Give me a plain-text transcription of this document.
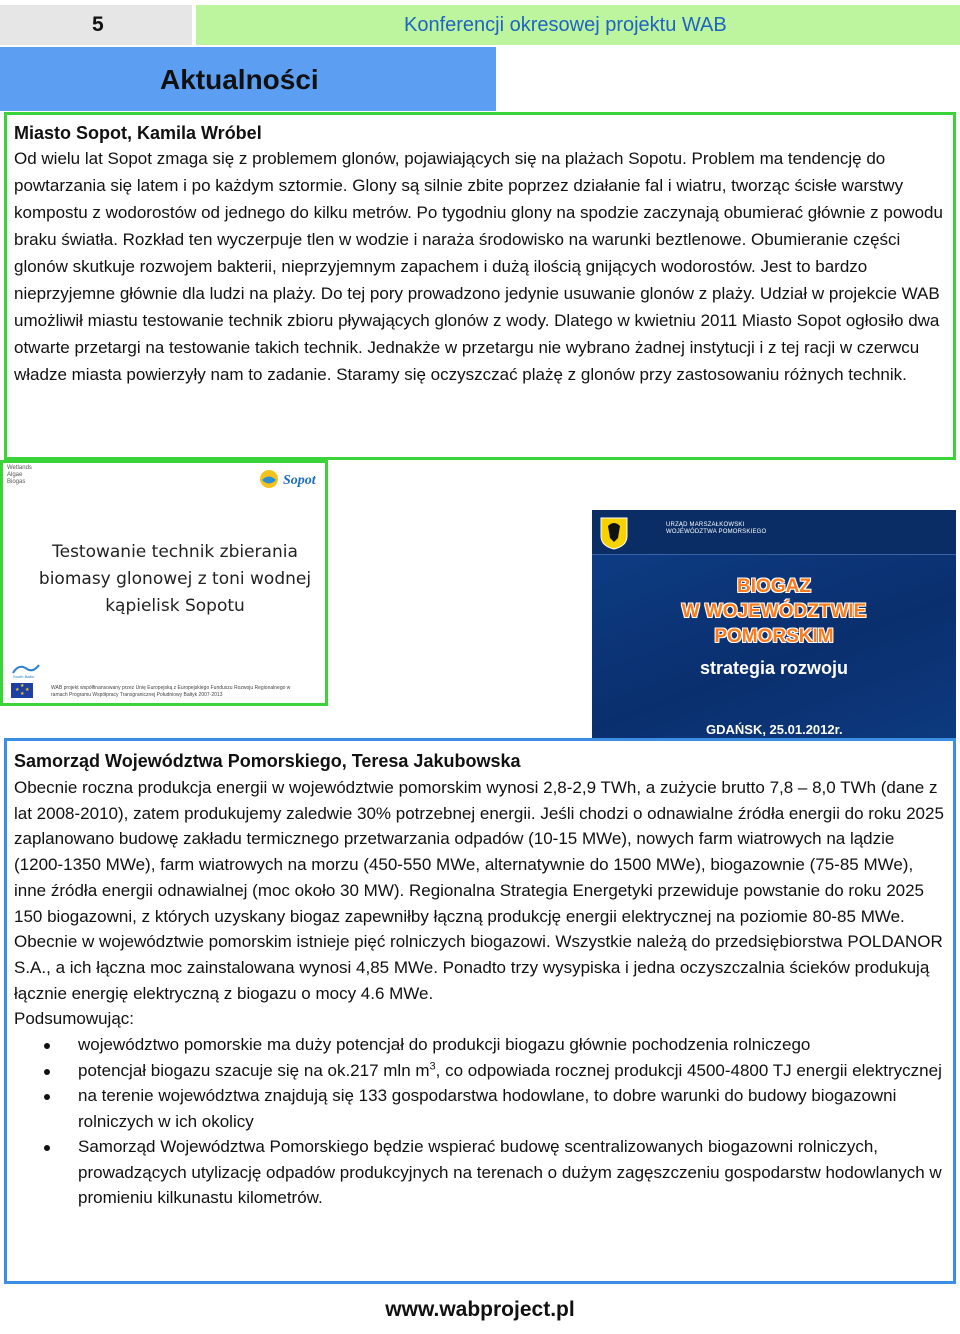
5	Konferencji okresowej projektu WAB
Aktualności
Miasto Sopot, Kamila Wróbel

Od wielu lat Sopot zmaga się z problemem glonów, pojawiających się na plażach Sopotu. Problem ma tendencję do powtarzania się latem i po każdym sztormie. Glony są silnie zbite poprzez działanie fal i wiatru, tworząc ścisłe warstwy kompostu z wodorostów od jednego do kilku metrów. Po tygodniu glony na spodzie zaczynają obumierać głównie z powodu braku światła. Rozkład ten wyczerpuje tlen w wodzie i naraża środowisko na warunki beztlenowe. Obumieranie części glonów skutkuje rozwojem bakterii, nieprzyjemnym zapachem i dużą ilością gnijących wodorostów. Jest to bardzo nieprzyjemne głównie dla ludzi na plaży. Do tej pory prowadzono jedynie usuwanie glonów z plaży. Udział w projekcie WAB umożliwił miastu testowanie technik zbioru pływających glonów z wody. Dlatego w kwietniu 2011 Miasto Sopot ogłosiło dwa otwarte przetargi na testowanie takich technik. Jednakże w przetargu nie wybrano żadnej instytucji i z tej racji w czerwcu władze miasta powierzyły nam to zadanie. Staramy się oczyszczać plażę z glonów przy zastosowaniu różnych technik.

Wetlands Algae Biogas	Sopot
Testowanie technik zbierania biomasy glonowej z toni wodnej kąpielisk Sopotu
South Baltic
★
★ ★
★
WAB projekt współfinansowany przez Unię Europejską z Europejskiego Funduszu Rozwoju Regionalnego w ramach Programu Współpracy Transgranicznej Południowy Bałtyk 2007-2013
URZĄD MARSZAŁKOWSKI
WOJEWÓDZTWA POMORSKIEGO
BIOGAZ
W WOJEWÓDZTWIE
POMORSKIM
strategia rozwoju
GDAŃSK, 25.01.2012r.
Samorząd Województwa Pomorskiego, Teresa Jakubowska

Obecnie roczna produkcja energii w województwie pomorskim wynosi 2,8-2,9 TWh, a zużycie brutto 7,8 – 8,0 TWh (dane z lat 2008-2010), zatem produkujemy zaledwie 30% potrzebnej energii. Jeśli chodzi o odnawialne źródła energii do roku 2025 zaplanowano budowę zakładu termicznego przetwarzania odpadów (10-15 MWe), nowych farm wiatrowych na lądzie (1200-1350 MWe), farm wiatrowych na morzu (450-550 MWe, alternatywnie do 1500 MWe), biogazownie (75-85 MWe), inne źródła energii odnawialnej (moc około 30 MW). Regionalna Strategia Energetyki przewiduje powstanie do roku 2025 150 biogazowni, z których uzyskany biogaz zapewniłby łączną produkcję energii elektrycznej na poziomie 80-85 MWe.

Obecnie w województwie pomorskim istnieje pięć rolniczych biogazowi. Wszystkie należą do przedsiębiorstwa POLDANOR S.A., a ich łączna moc zainstalowana wynosi 4,85 MWe. Ponadto trzy wysypiska i jedna oczyszczalnia ścieków produkują łącznie energię elektryczną z biogazu o mocy 4.6 MWe.

Podsumowując:

województwo pomorskie ma duży potencjał do produkcji biogazu głównie pochodzenia rolniczego
potencjał biogazu szacuje się na ok.217 mln $m^3$, co odpowiada rocznej produkcji 4500-4800 TJ energii elektrycznej
na terenie województwa znajdują się 133 gospodarstwa hodowlane, to dobre warunki do budowy biogazowni rolniczych w ich okolicy
Samorząd Województwa Pomorskiego będzie wspierać budowę scentralizowanych biogazowni rolniczych, prowadzących utylizację odpadów produkcyjnych na terenach o dużym zagęszczeniu gospodarstw hodowlanych w promieniu kilkunastu kilometrów.
www.wabproject.pl
